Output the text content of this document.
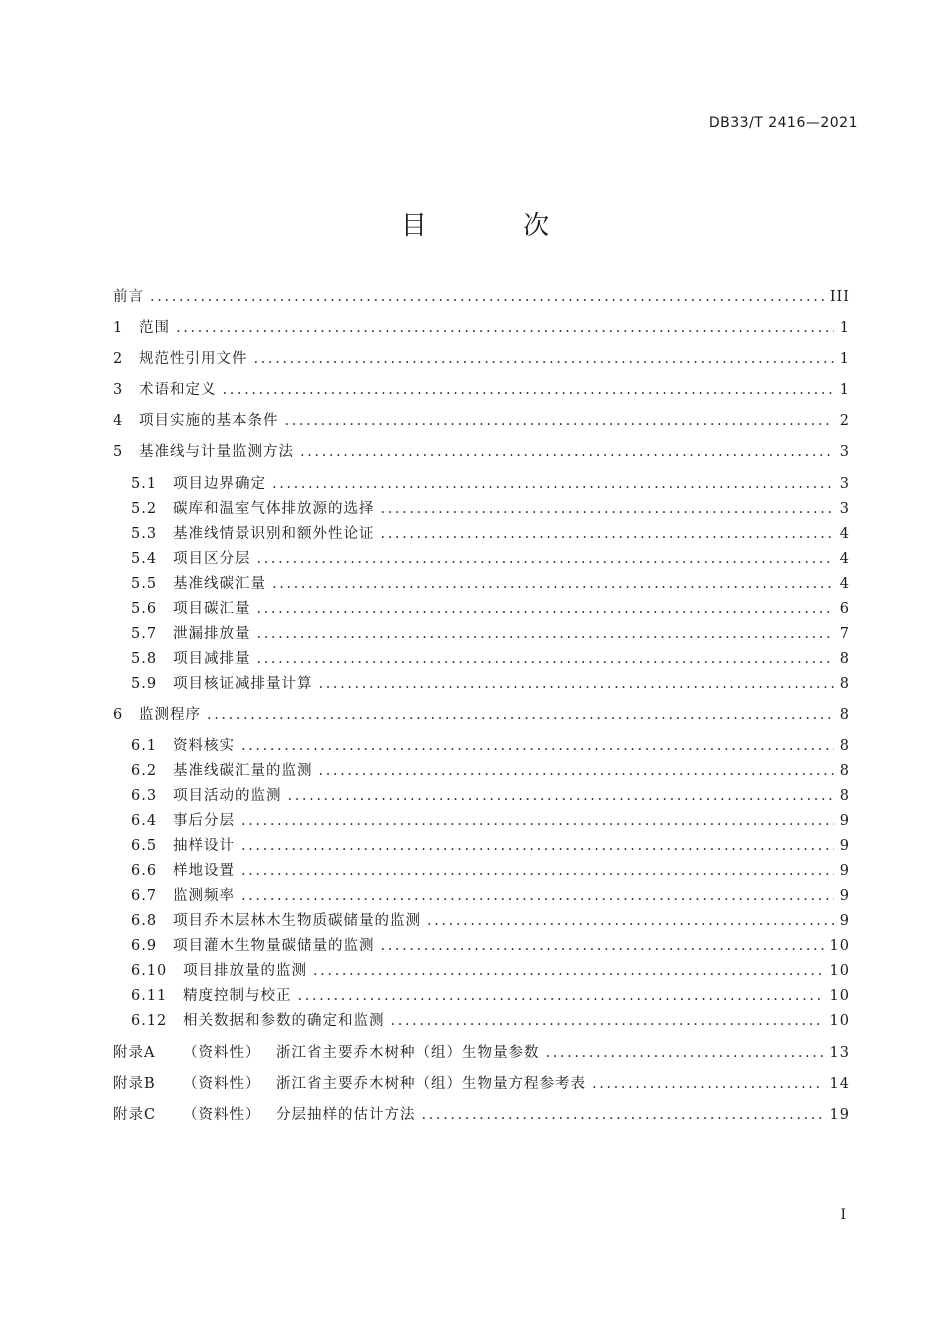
DB33/T 2416—2021
目 次
前言 .....	III
1	范围 .....	1
2	规范性引用文件 .....	1
3	术语和定义 .....	1
4	项目实施的基本条件 .....	2
5	基准线与计量监测方法 .....	3
5.1	项目边界确定 .....	3
5.2	碳库和温室气体排放源的选择 .....	3
5.3	基准线情景识别和额外性论证 .....	4
5.4	项目区分层 .....	4
5.5	基准线碳汇量 .....	4
5.6	项目碳汇量 .....	6
5.7	泄漏排放量 .....	7
5.8	项目减排量 .....	8
5.9	项目核证减排量计算 .....	8
6	监测程序 .....	8
6.1	资料核实 .....	8
6.2	基准线碳汇量的监测 .....	8
6.3	项目活动的监测 .....	8
6.4	事后分层 .....	9
6.5	抽样设计 .....	9
6.6	样地设置 .....	9
6.7	监测频率 .....	9
6.8	项目乔木层林木生物质碳储量的监测 .....	9
6.9	项目灌木生物量碳储量的监测 .....	10
6.10	项目排放量的监测 .....	10
6.11	精度控制与校正 .....	10
6.12	相关数据和参数的确定和监测 .....	10
附录A	（资料性）	浙江省主要乔木树种（组）生物量参数 .....	13
附录B	（资料性）	浙江省主要乔木树种（组）生物量方程参考表 .....	14
附录C	（资料性）	分层抽样的估计方法 .....	19
I
